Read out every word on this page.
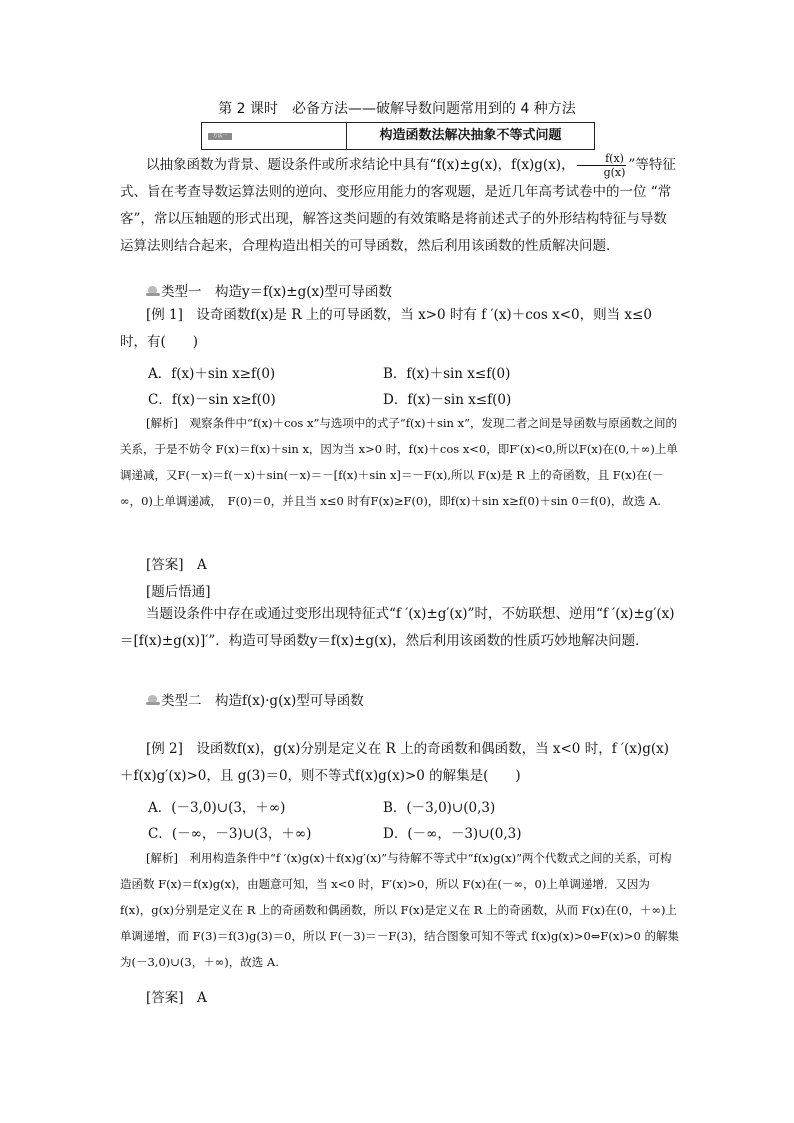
第 2 课时　必备方法——破解导数问题常用到的 4 种方法
方法一	构造函数法解决抽象不等式问题
以抽象函数为背景、题设条件或所求结论中具有“f(x)±g(x)，f(x)g(x)， $\frac{f(x)}{g(x)}$ ”等特征式、旨在考查导数运算法则的逆向、变形应用能力的客观题，是近几年高考试卷中的一位 “常客”，常以压轴题的形式出现，解答这类问题的有效策略是将前述式子的外形结构特征与导数运算法则结合起来，合理构造出相关的可导函数，然后利用该函数的性质解决问题．
类型一　构造y＝f(x)±g(x)型可导函数
[例 1]　设奇函数f(x)是 R 上的可导函数，当 x>0 时有 f ′(x)＋cos x<0，则当 x≤0 时，有(　　)
A．f(x)＋sin x≥f(0)	B．f(x)＋sin x≤f(0)
C．f(x)－sin x≥f(0)	D．f(x)－sin x≤f(0)
[解析]　观察条件中“f(x)＋cos x”与选项中的式子“f(x)＋sin x”，发现二者之间是导函数与原函数之间的关系，于是不妨令 F(x)＝f(x)＋sin x，因为当 x>0 时，f(x)＋cos x<0，即F′(x)<0,所以F(x)在(0,＋∞)上单调递减，又F(－x)＝f(－x)＋sin(－x)＝－[f(x)＋sin x]＝－F(x),所以 F(x)是 R 上的奇函数，且 F(x)在(－∞，0)上单调递减，　F(0)＝0，并且当 x≤0 时有F(x)≥F(0)，即f(x)＋sin x≥f(0)＋sin 0＝f(0)，故选 A.
[答案]　A
[题后悟通]
当题设条件中存在或通过变形出现特征式“f ′(x)±g′(x)”时，不妨联想、逆用“f ′(x)±g′(x)＝[f(x)±g(x)]′”．构造可导函数y＝f(x)±g(x)，然后利用该函数的性质巧妙地解决问题．
类型二　构造f(x)·g(x)型可导函数
[例 2]　设函数f(x)，g(x)分别是定义在 R 上的奇函数和偶函数，当 x<0 时，f ′(x)g(x)＋f(x)g′(x)>0，且 g(3)＝0，则不等式f(x)g(x)>0 的解集是(　　)
A．(－3,0)∪(3，＋∞)	B．(－3,0)∪(0,3)
C．(－∞，－3)∪(3，＋∞)	D．(－∞，－3)∪(0,3)
[解析]　利用构造条件中“f ′(x)g(x)＋f(x)g′(x)”与待解不等式中“f(x)g(x)”两个代数式之间的关系，可构造函数 F(x)＝f(x)g(x)，由题意可知，当 x<0 时，F′(x)>0，所以 F(x)在(－∞，0)上单调递增．又因为 f(x)，g(x)分别是定义在 R 上的奇函数和偶函数，所以 F(x)是定义在 R 上的奇函数，从而 F(x)在(0，＋∞)上单调递增，而 F(3)＝f(3)g(3)＝0，所以 F(－3)＝－F(3)，结合图象可知不等式 f(x)g(x)>0⇔F(x)>0 的解集为(－3,0)∪(3，＋∞)，故选 A.
[答案]　A
